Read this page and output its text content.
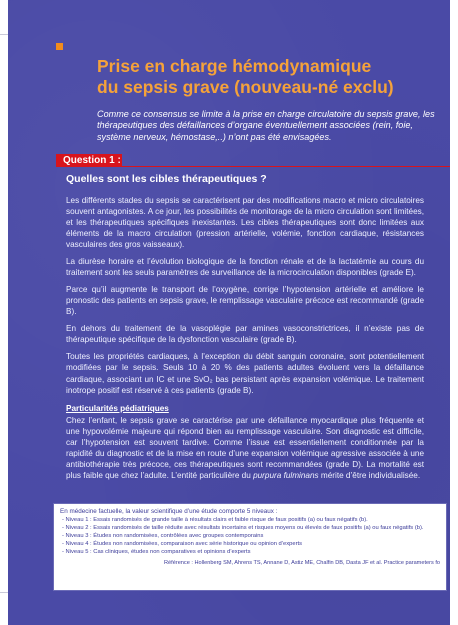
Prise en charge hémodynamique
du sepsis grave (nouveau-né exclu)
Comme ce consensus se limite à la prise en charge circulatoire du sepsis grave, les thérapeutiques des défaillances d’organe éventuellement associées (rein, foie, système nerveux, hémostase,..) n’ont pas été envisagées.
Question 1 :
Quelles sont les cibles thérapeutiques ?

Les différents stades du sepsis se caractérisent par des modifications macro et micro circulatoires souvent antagonistes. A ce jour, les possibilités de monitorage de la micro circulation sont limitées, et les thérapeutiques spécifiques inexistantes. Les cibles thérapeutiques sont donc limitées aux éléments de la macro circulation (pression artérielle, volémie, fonction cardiaque, résistances vasculaires des gros vaisseaux).

La diurèse horaire et l’évolution biologique de la fonction rénale et de la lactatémie au cours du traitement sont les seuls paramètres de surveillance de la microcirculation disponibles (grade E).

Parce qu’il augmente le transport de l’oxygène, corrige l’hypotension artérielle et améliore le pronostic des patients en sepsis grave, le remplissage vasculaire précoce est recommandé (grade B).

En dehors du traitement de la vasoplégie par amines vasoconstrictrices, il n’existe pas de thérapeutique spécifique de la dysfonction vasculaire (grade B).

Toutes les propriétés cardiaques, à l’exception du débit sanguin coronaire, sont potentiellement modifiées par le sepsis. Seuls 10 à 20 % des patients adultes évoluent vers la défaillance cardiaque, associant un IC et une SvO₂ bas persistant après expansion volémique. Le traitement inotrope positif est réservé à ces patients (grade B).

Particularités pédiatriques

Chez l’enfant, le sepsis grave se caractérise par une défaillance myocardique plus fréquente et une hypovolémie majeure qui répond bien au remplissage vasculaire. Son diagnostic est difficile, car l’hypotension est souvent tardive. Comme l’issue est essentiellement conditionnée par la rapidité du diagnostic et de la mise en route d’une expansion volémique agressive associée à une antibiothérapie très précoce, ces thérapeutiques sont recommandées (grade D). La mortalité est plus faible que chez l’adulte. L’entité particulière du purpura fulminans mérite d’être individualisée.

En médecine factuelle, la valeur scientifique d’une étude comporte 5 niveaux :
- Niveau 1 : Essais randomisés de grande taille à résultats clairs et faible risque de faux positifs (a) ou faux négatifs (b).
- Niveau 2 : Essais randomisés de taille réduite avec résultats incertains et risques moyens ou élevés de faux positifs (a) ou faux négatifs (b).
- Niveau 3 : Études non randomisées, contrôlées avec groupes contemporains
- Niveau 4 : Études non randomisées, comparaison avec série historique ou opinion d’experts
- Niveau 5 : Cas cliniques, études non comparatives et opinions d’experts
Référence : Hollenberg SM, Ahrens TS, Annane D, Astiz ME, Chalfin DB, Dasta JF et al. Practice parameters fo
